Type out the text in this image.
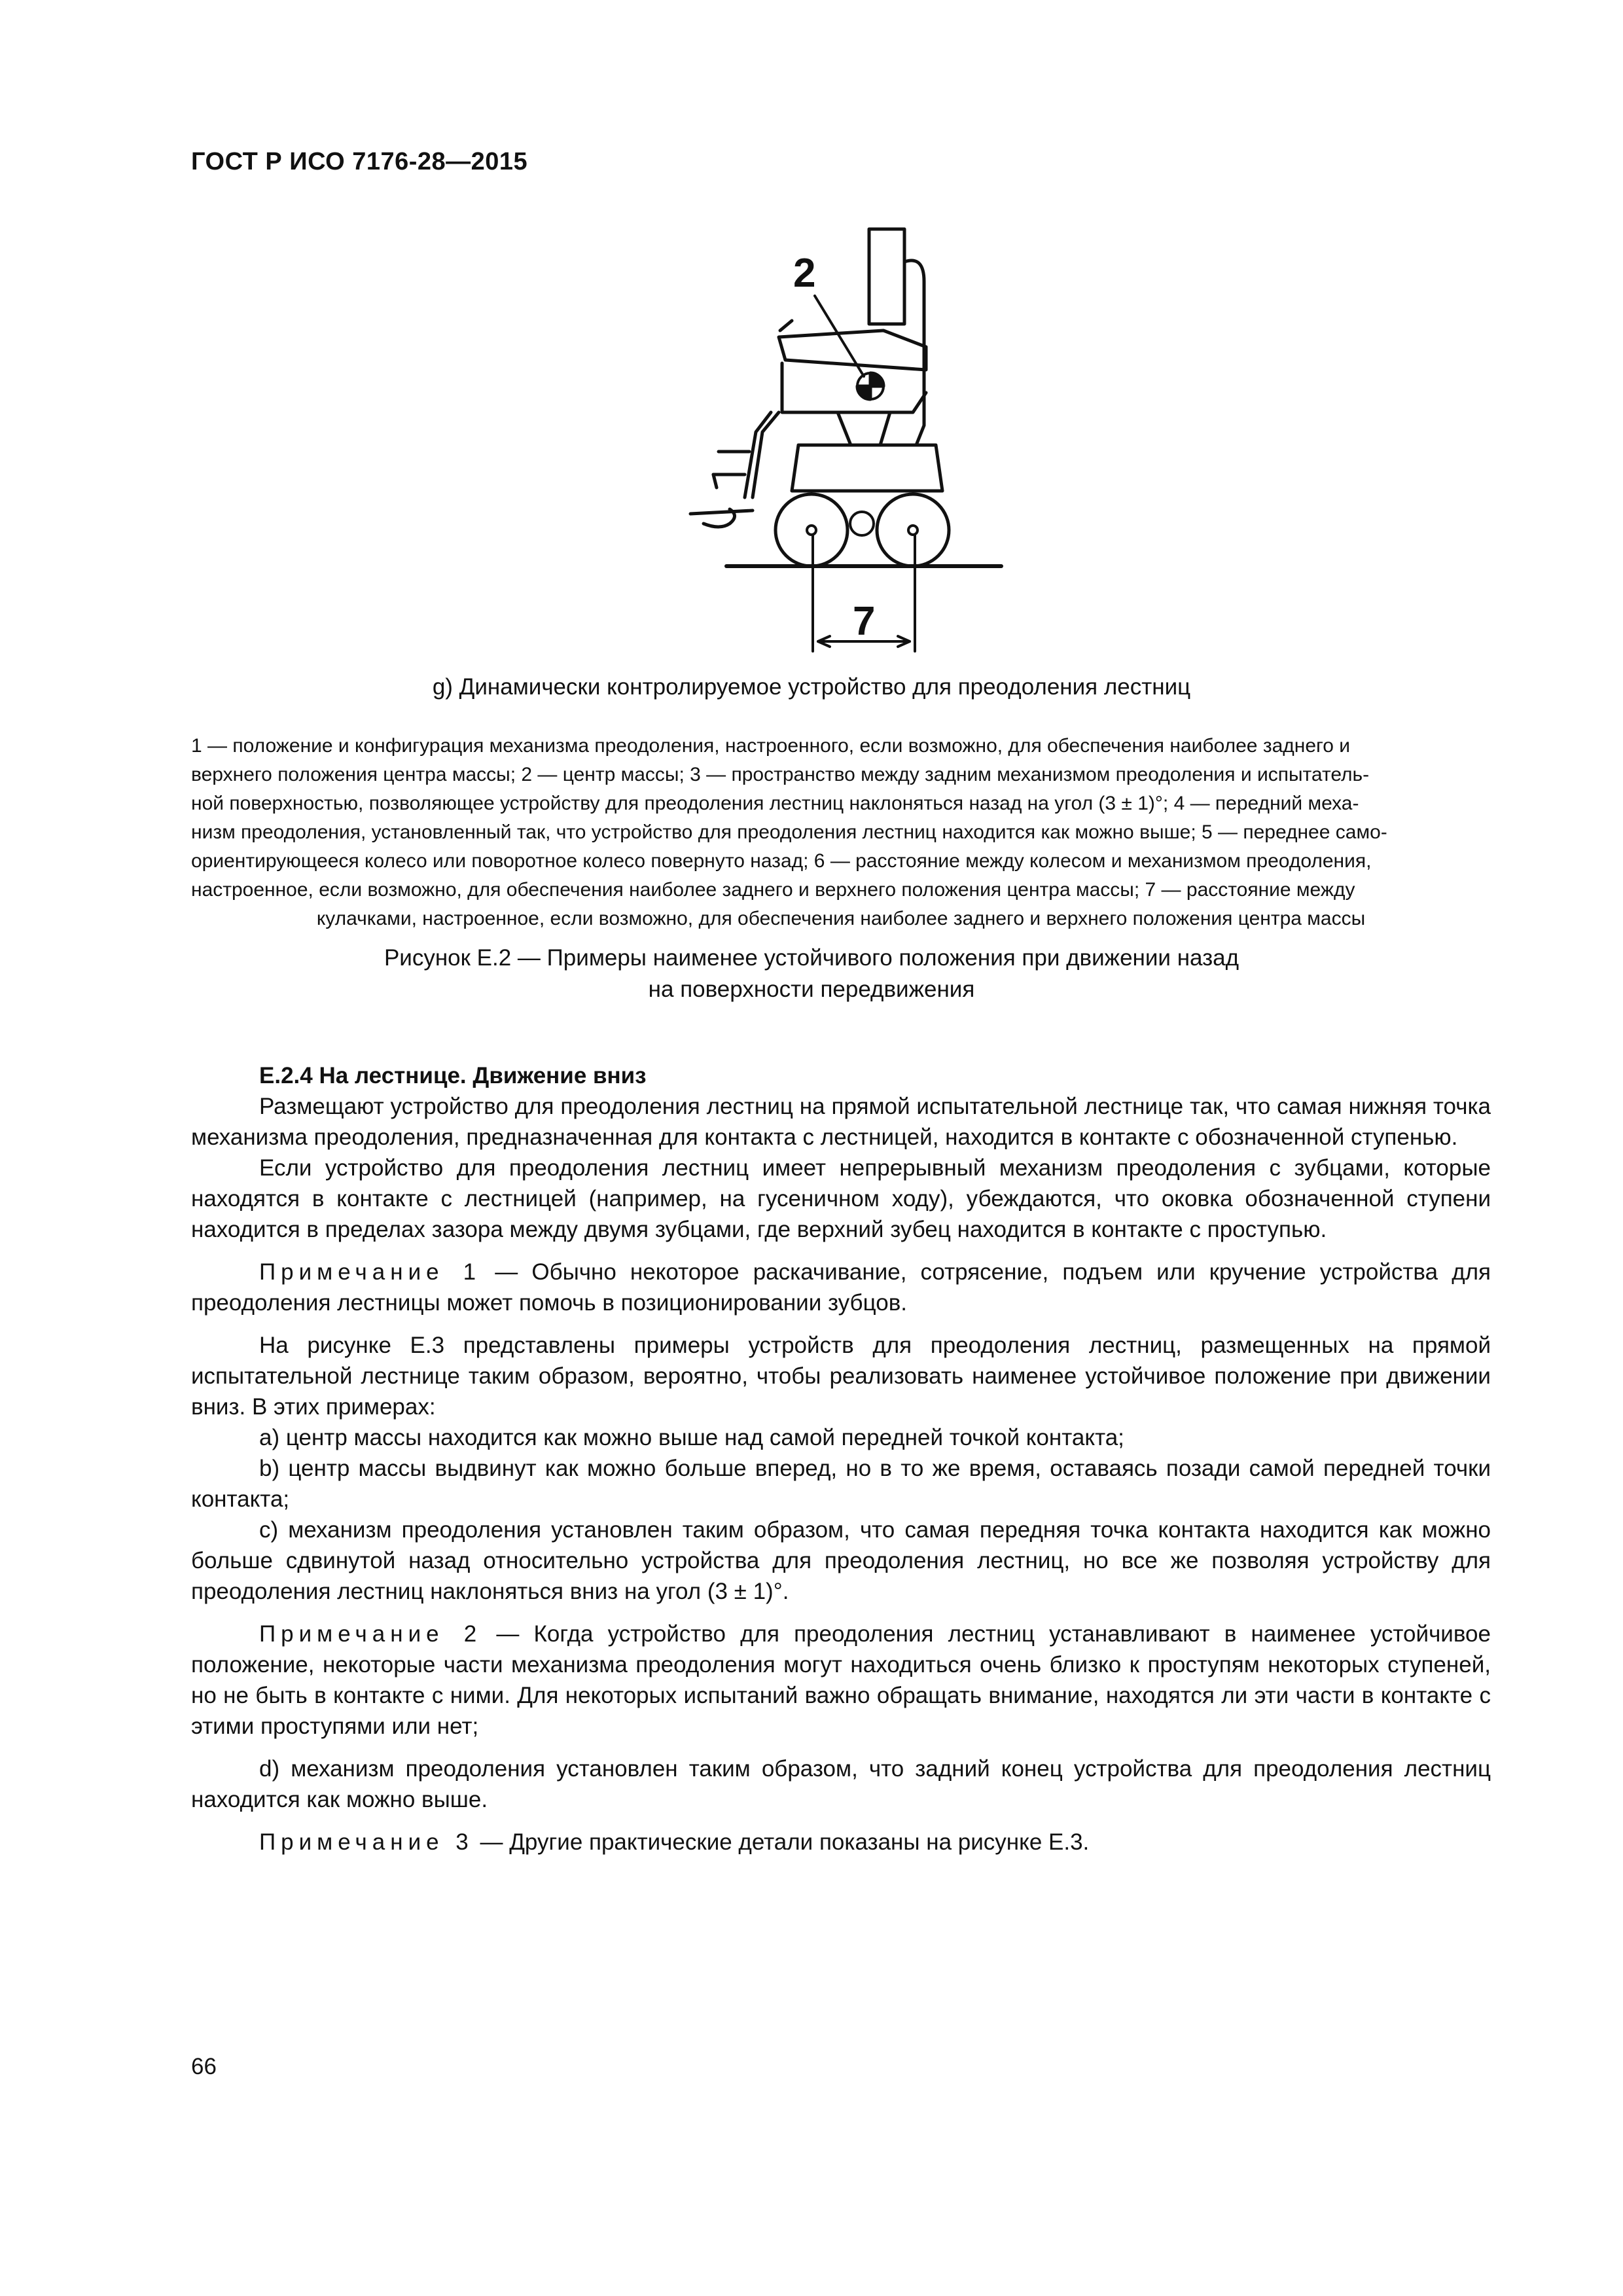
ГОСТ Р ИСО 7176-28—2015
2
7
g) Динамически контролируемое устройство для преодоления лестниц
1 — положение и конфигурация механизма преодоления, настроенного, если возможно, для обеспечения наиболее заднего и
верхнего положения центра массы; 2 — центр массы; 3 — пространство между задним механизмом преодоления и испытатель-
ной поверхностью, позволяющее устройству для преодоления лестниц наклоняться назад на угол (3 ± 1)°; 4 — передний меха-
низм преодоления, установленный так, что устройство для преодоления лестниц находится как можно выше; 5 — переднее само-
ориентирующееся колесо или поворотное колесо повернуто назад; 6 — расстояние между колесом и механизмом преодоления,
настроенное, если возможно, для обеспечения наиболее заднего и верхнего положения центра массы; 7 — расстояние между
кулачками, настроенное, если возможно, для обеспечения наиболее заднего и верхнего положения центра массы
Рисунок Е.2 — Примеры наименее устойчивого положения при движении назад
на поверхности передвижения

Е.2.4 На лестнице. Движение вниз

Размещают устройство для преодоления лестниц на прямой испытательной лестнице так, что самая нижняя точка механизма преодоления, предназначенная для контакта с лестницей, находится в контакте с обозначенной ступенью.

Если устройство для преодоления лестниц имеет непрерывный механизм преодоления с зубцами, которые находятся в контакте с лестницей (например, на гусеничном ходу), убеждаются, что оковка обозначенной ступени находится в пределах зазора между двумя зубцами, где верхний зубец находится в контакте с проступью.

Примечание 1 — Обычно некоторое раскачивание, сотрясение, подъем или кручение устройства для преодоления лестницы может помочь в позиционировании зубцов.

На рисунке Е.3 представлены примеры устройств для преодоления лестниц, размещенных на прямой испытательной лестнице таким образом, вероятно, чтобы реализовать наименее устойчивое положение при движении вниз. В этих примерах:

a) центр массы находится как можно выше над самой передней точкой контакта;

b) центр массы выдвинут как можно больше вперед, но в то же время, оставаясь позади самой передней точки контакта;

c) механизм преодоления установлен таким образом, что самая передняя точка контакта находится как можно больше сдвинутой назад относительно устройства для преодоления лестниц, но все же позволяя устройству для преодоления лестниц наклоняться вниз на угол (3 ± 1)°.

Примечание 2 — Когда устройство для преодоления лестниц устанавливают в наименее устойчивое положение, некоторые части механизма преодоления могут находиться очень близко к проступям некоторых ступеней, но не быть в контакте с ними. Для некоторых испытаний важно обращать внимание, находятся ли эти части в контакте с этими проступями или нет;

d) механизм преодоления установлен таким образом, что задний конец устройства для преодоления лестниц находится как можно выше.

Примечание 3 — Другие практические детали показаны на рисунке Е.3.

66
